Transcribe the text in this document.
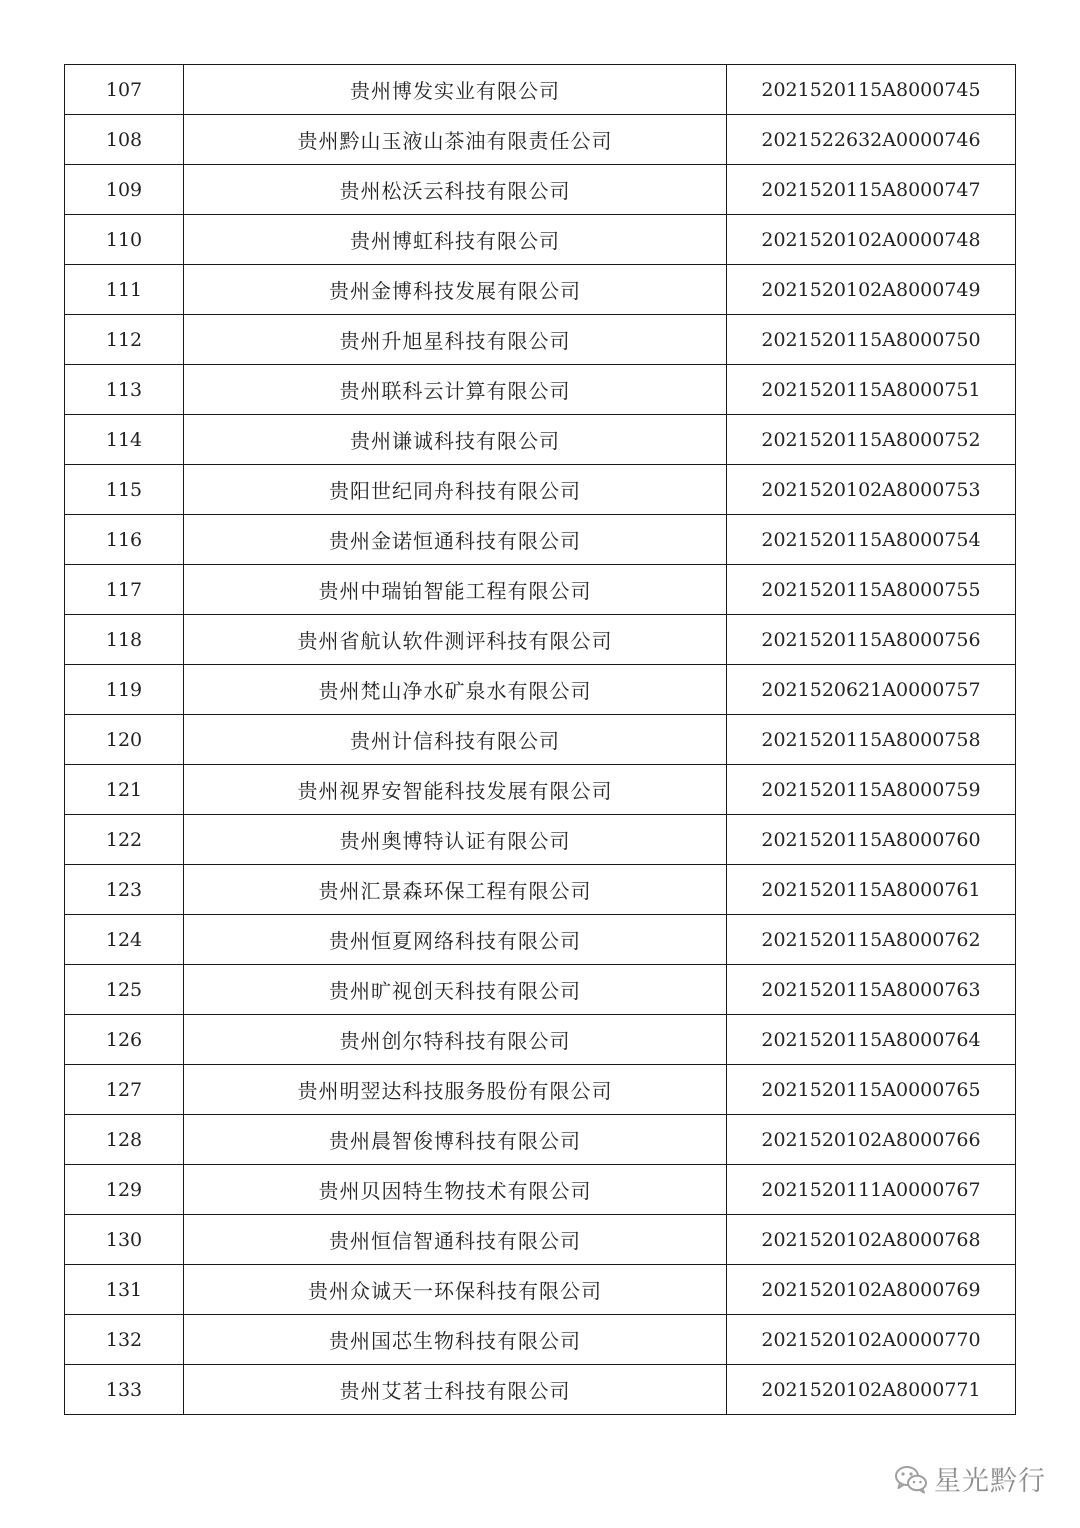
107	贵州博发实业有限公司	2021520115A8000745
108	贵州黔山玉液山茶油有限责任公司	2021522632A0000746
109	贵州松沃云科技有限公司	2021520115A8000747
110	贵州博虹科技有限公司	2021520102A0000748
111	贵州金博科技发展有限公司	2021520102A8000749
112	贵州升旭星科技有限公司	2021520115A8000750
113	贵州联科云计算有限公司	2021520115A8000751
114	贵州谦诚科技有限公司	2021520115A8000752
115	贵阳世纪同舟科技有限公司	2021520102A8000753
116	贵州金诺恒通科技有限公司	2021520115A8000754
117	贵州中瑞铂智能工程有限公司	2021520115A8000755
118	贵州省航认软件测评科技有限公司	2021520115A8000756
119	贵州梵山净水矿泉水有限公司	2021520621A0000757
120	贵州计信科技有限公司	2021520115A8000758
121	贵州视界安智能科技发展有限公司	2021520115A8000759
122	贵州奥博特认证有限公司	2021520115A8000760
123	贵州汇景森环保工程有限公司	2021520115A8000761
124	贵州恒夏网络科技有限公司	2021520115A8000762
125	贵州旷视创天科技有限公司	2021520115A8000763
126	贵州创尔特科技有限公司	2021520115A8000764
127	贵州明翌达科技服务股份有限公司	2021520115A0000765
128	贵州晨智俊博科技有限公司	2021520102A8000766
129	贵州贝因特生物技术有限公司	2021520111A0000767
130	贵州恒信智通科技有限公司	2021520102A8000768
131	贵州众诚天一环保科技有限公司	2021520102A8000769
132	贵州国芯生物科技有限公司	2021520102A0000770
133	贵州艾茗士科技有限公司	2021520102A8000771
星光黔行
